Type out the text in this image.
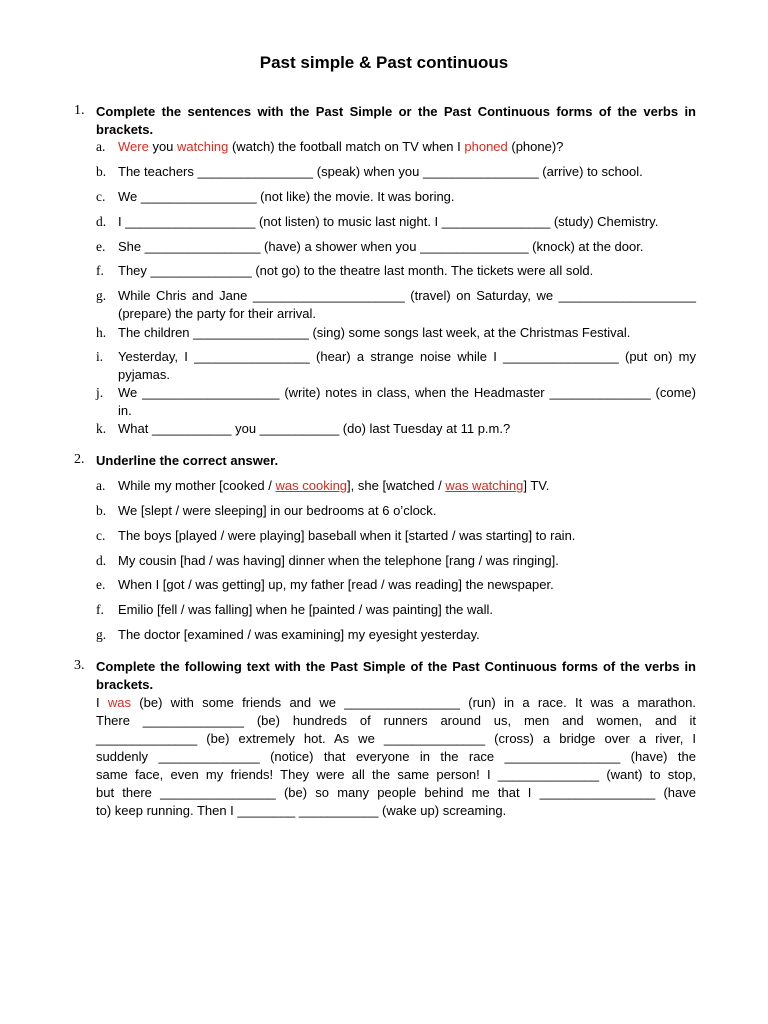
Past simple & Past continuous
1. Complete the sentences with the Past Simple or the Past Continuous forms of the verbs in brackets.
a. Were you watching (watch) the football match on TV when I phoned (phone)?
b. The teachers ________________ (speak) when you ________________ (arrive) to school.
c. We ________________ (not like) the movie. It was boring.
d. I __________________ (not listen) to music last night. I _______________ (study) Chemistry.
e. She ________________ (have) a shower when you _______________ (knock) at the door.
f.	They ______________ (not go) to the theatre last month. The tickets were all sold.
g. While Chris and Jane _____________________ (travel) on Saturday, we ___________________ (prepare) the party for their arrival.
h. The children ________________ (sing) some songs last week, at the Christmas Festival.
i.	Yesterday, I ________________ (hear) a strange noise while I ________________ (put on) my pyjamas.
j.	We ___________________ (write) notes in class, when the Headmaster ______________ (come) in.
k. What ___________ you ___________ (do) last Tuesday at 11 p.m.?
2. Underline the correct answer.
a. While my mother [cooked / was cooking], she [watched / was watching] TV.
b. We [slept / were sleeping] in our bedrooms at 6 o’clock.
c. The boys [played / were playing] baseball when it [started / was starting] to rain.
d. My cousin [had / was having] dinner when the telephone [rang / was ringing].
e. When I [got / was getting] up, my father [read / was reading] the newspaper.
f.	Emilio [fell / was falling] when he [painted / was painting] the wall.
g. The doctor [examined / was examining] my eyesight yesterday.
3. Complete the following text with the Past Simple of the Past Continuous forms of the verbs in brackets.
I was (be) with some friends and we ________________ (run) in a race. It was a marathon.
There ______________ (be) hundreds of runners around us, men and women, and it
______________ (be) extremely hot. As we ______________ (cross) a bridge over a river, I
suddenly ______________ (notice) that everyone in the race ________________ (have) the
same face, even my friends! They were all the same person! I ______________ (want) to stop,
but there ________________ (be) so many people behind me that I ________________ (have
to) keep running. Then I ________ ___________ (wake up) screaming.
